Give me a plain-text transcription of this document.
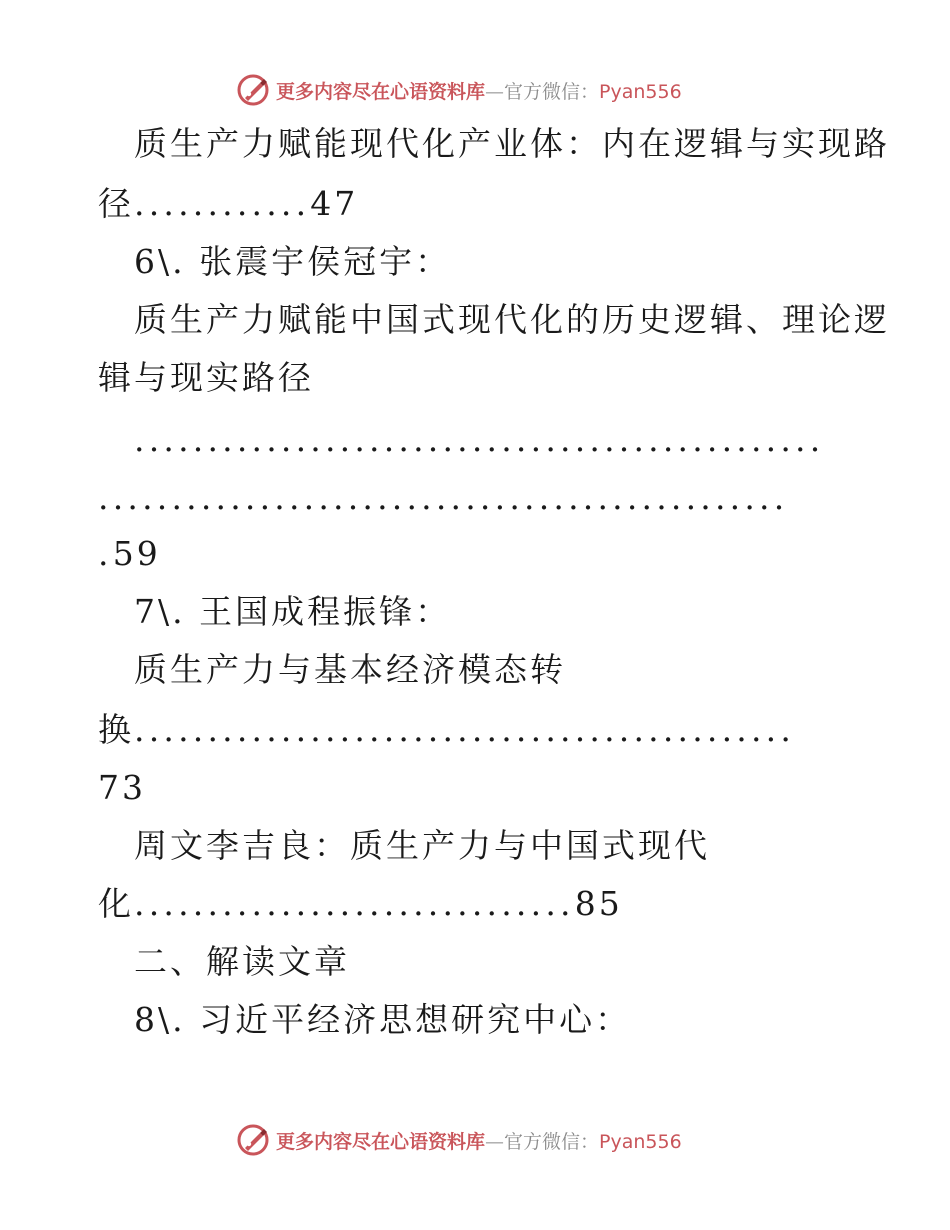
更多内容尽在心语资料库—官方微信：Pyan556
质生产力赋能现代化产业体：内在逻辑与实现路
径............47
6\. 张震宇侯冠宇：
质生产力赋能中国式现代化的历史逻辑、理论逻
辑与现实路径
...............................................
...............................................
.59
7\. 王国成程振锋：
质生产力与基本经济模态转
换.............................................
73
周文李吉良：质生产力与中国式现代
化..............................85
二、解读文章
8\. 习近平经济思想研究中心：
更多内容尽在心语资料库—官方微信：Pyan556
